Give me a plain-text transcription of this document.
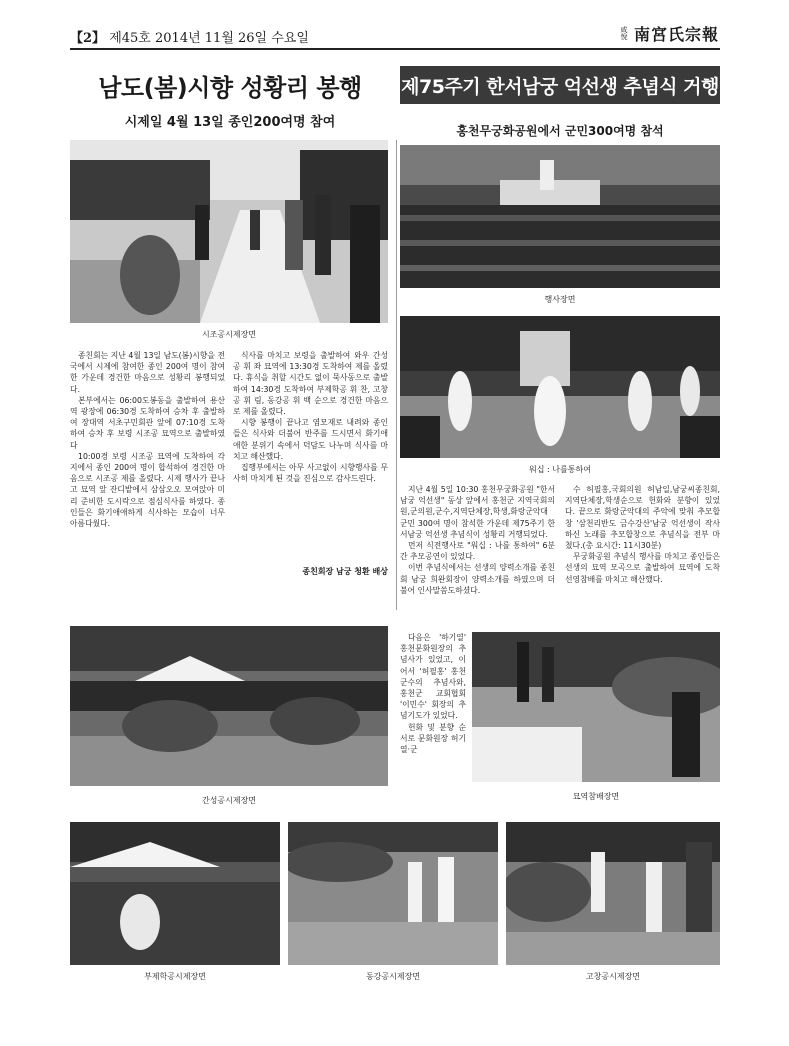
【2】 제45호 2014년 11월 26일 수요일
咸
悅 南宮氏宗報
남도(봄)시향 성황리 봉행
시제일 4월 13일 종인200여명 참여
제75주기 한서남궁 억선생 추념식 거행
홍천무궁화공원에서 군민300여명 참석
시조공시제장면

종친회는 지난 4월 13일 남도(봄)시향을 전국에서 시제에 참여한 종인 200여 명이 참여한 가운데 경건한 마음으로 성황리 봉행되었다.

본부에서는 06:00도봉동을 출발하여 용산역 광장에 06:30경 도착하여 승차 후 출발하여 장대역 서초구민회관 앞에 07:10경 도착하여 승차 후 보령 시조공 묘역으로 출발하였다

10:00경 보령 시조공 묘역에 도착하여 각지에서 종인 200여 명이 합석하여 경건한 마음으로 시조공 제를 올렸다. 시제 행사가 끝나고 묘역 앞 잔디밭에서 삼삼오오 모여앉아 미리 준비한 도시락으로 점심식사를 하였다. 종인들은 화기애애하게 식사하는 모습이 너무 아름다웠다.

식사를 마치고 보령을 출발하여 와우 간성공 휘 좌 묘역에 13:30경 도착하여 제를 올렸다. 휴식을 취할 시간도 없이 묵사동으로 출발하여 14:30경 도착하여 부제학공 휘 찬, 고창공 휘 림, 동강공 휘 백 순으로 경건한 마음으로 제를 올렸다.

시향 봉행이 끝나고 염모재로 내려와 종인들은 식사와 더불어 반주를 드시면서 화기애애한 분위기 속에서 덕담도 나누며 식사를 마치고 해산했다.

집행부에서는 아무 사고없이 시향행사를 무사히 마치게 된 것을 진심으로 감사드린다.

종친회장 남궁 청환 배상
행사장면
워십 : 나를통하여

지난 4월 5일 10:30 홍천무궁화공원 "한서남궁 억선생" 동상 앞에서 홍천군 지역국회의원,군의원,군수,지역단체장,학생,화랑군악대 군민 300여 명이 참석한 가운데 제75주기 한서남궁 억선생 추념식이 성황리 거행되었다.

먼저 식전행사로 "워십 : 나를 통하여" 6분간 추모공연이 있었다.

이번 추념식에서는 선생의 양력소개를 종친회 남궁 희완회장이 양력소개를 하였으며 더불어 인사말씀도하셨다.

수 허필홍,국회의원 허남일,남궁씨종친회,지역단체장,학생순으로 헌화와 분향이 있었다. 끝으로 화랑군악대의 주악에 맞춰 추모합창 '삼천리반도 금수강산'남궁 억선생이 작사하신 노래를 추모합창으로 추념식을 전부 마쳤다.(총 요시간: 11시30분)

무궁화공원 추념식 행사를 마치고 종인들은 선생의 묘역 모곡으로 출발하여 묘역에 도착 선영참배를 마치고 해산했다.

다음은 '하기열' 홍천문화원장의 추념사가 있었고, 이어서 '허필홍' 홍천군수의 추념사와, 홍천군 교회협회 '이민수' 회장의 추념기도가 있었다.

헌화 및 분향 순서로 문화원장 허기열·군

간성공시제장면	묘역참배장면
부제학공시제장면	동강공시제장면	고창공시제장면
